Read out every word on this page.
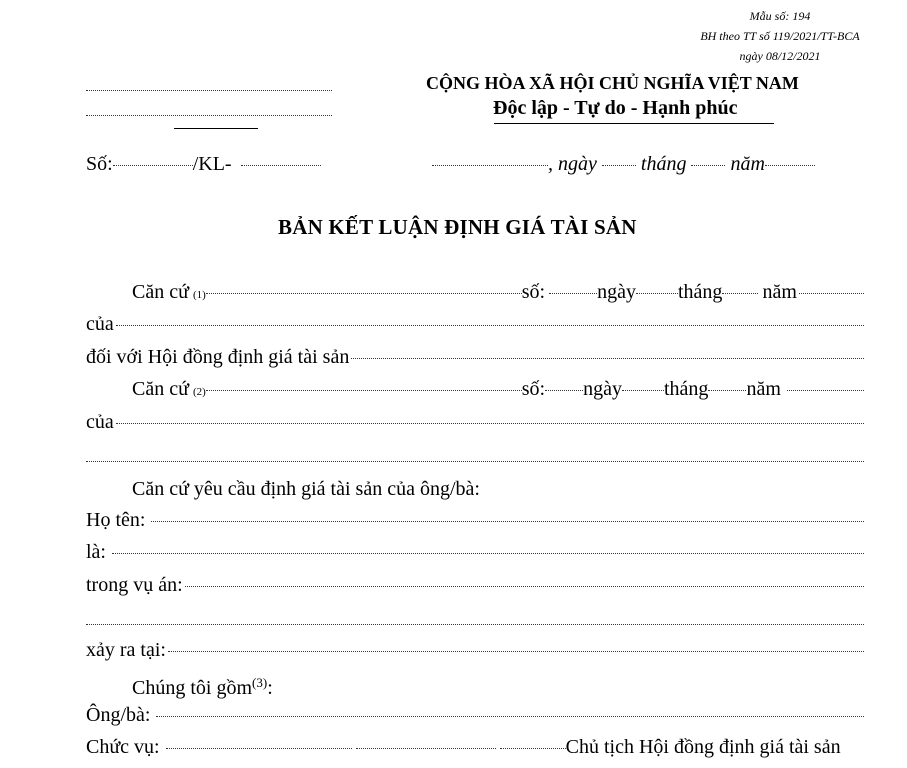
Mẫu số: 194
BH theo TT số 119/2021/TT-BCA
ngày 08/12/2021
CỘNG HÒA XÃ HỘI CHỦ NGHĨA VIỆT NAM
Độc lập - Tự do - Hạnh phúc
Số:	/KL-	, ngày tháng năm
BẢN KẾT LUẬN ĐỊNH GIÁ TÀI SẢN
Căn cứ (1)	số:	ngày tháng năm
của
đối với Hội đồng định giá tài sản
Căn cứ (2)	số: ngày tháng năm
của
Căn cứ yêu cầu định giá tài sản của ông/bà:
Họ tên:
là:
trong vụ án:
xảy ra tại:
Chúng tôi gồm$^{(3)}$:
Ông/bà:
Chức vụ:	Chủ tịch Hội đồng định giá tài sản
